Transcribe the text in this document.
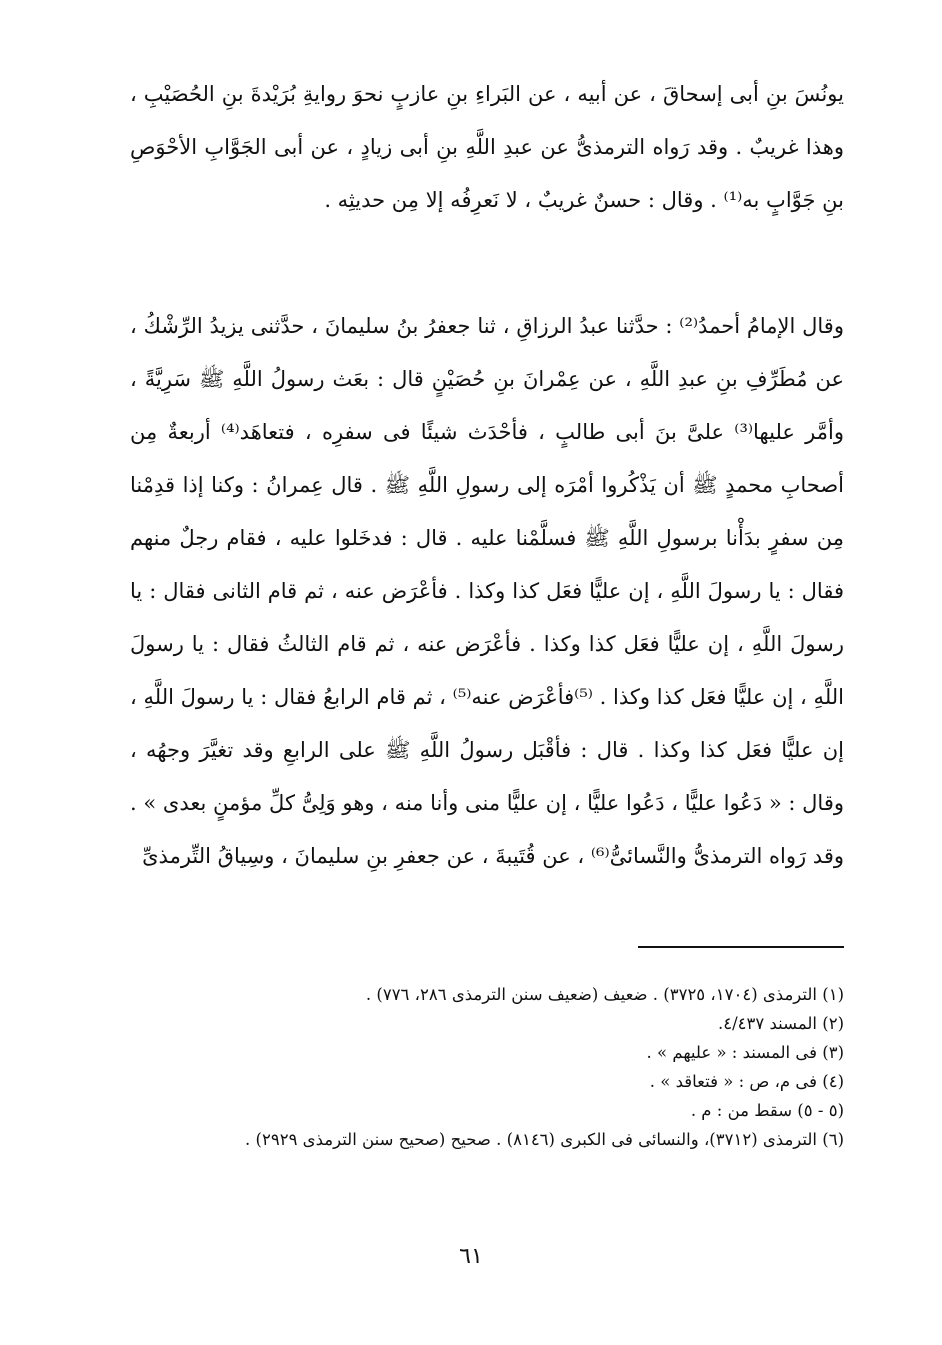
يونُسَ بنِ أبى إسحاقَ ، عن أبيه ، عن البَراءِ بنِ عازبٍ نحوَ روايةِ بُرَيْدةَ بنِ الحُصَيْبِ ، وهذا غريبٌ . وقد رَواه الترمذىُّ عن عبدِ اللَّهِ بنِ أبى زيادٍ ، عن أبى الجَوَّابِ الأحْوَصِ بنِ جَوَّابٍ به⁽¹⁾ . وقال : حسنٌ غريبٌ ، لا نَعرِفُه إلا مِن حديثِه .

وقال الإمامُ أحمدُ⁽²⁾ : حدَّثنا عبدُ الرزاقِ ، ثنا جعفرُ بنُ سليمانَ ، حدَّثنى يزيدُ الرِّشْكُ ، عن مُطَرِّفِ بنِ عبدِ اللَّهِ ، عن عِمْرانَ بنِ حُصَيْنٍ قال : بعَث رسولُ اللَّهِ ﷺ سَرِيَّةً ، وأمَّر عليها⁽³⁾ علىَّ بنَ أبى طالبٍ ، فأحْدَث شيئًا فى سفرِه ، فتعاهَد⁽⁴⁾ أربعةٌ مِن أصحابِ محمدٍ ﷺ أن يَذْكُروا أمْرَه إلى رسولِ اللَّهِ ﷺ . قال عِمرانُ : وكنا إذا قدِمْنا مِن سفرٍ بدَأْنا برسولِ اللَّهِ ﷺ فسلَّمْنا عليه . قال : فدخَلوا عليه ، فقام رجلٌ منهم فقال : يا رسولَ اللَّهِ ، إن عليًّا فعَل كذا وكذا . فأعْرَض عنه ، ثم قام الثانى فقال : يا رسولَ اللَّهِ ، إن عليًّا فعَل كذا وكذا . فأعْرَض عنه ، ثم قام الثالثُ فقال : يا رسولَ اللَّهِ ، إن عليًّا فعَل كذا وكذا . ⁽⁵⁾فأعْرَض عنه⁽⁵⁾ ، ثم قام الرابعُ فقال : يا رسولَ اللَّهِ ، إن عليًّا فعَل كذا وكذا . قال : فأقْبَل رسولُ اللَّهِ ﷺ على الرابعِ وقد تغيَّرَ وجهُه ، وقال : « دَعُوا عليًّا ، دَعُوا عليًّا ، إن عليًّا منى وأنا منه ، وهو وَلِىُّ كلِّ مؤمنٍ بعدى » . وقد رَواه الترمذىُّ والنَّسائىُّ⁽⁶⁾ ، عن قُتَيبةَ ، عن جعفرِ بنِ سليمانَ ، وسِياقُ التِّرمذىِّ

(١) الترمذى (١٧٠٤، ٣٧٢٥) . ضعيف (ضعيف سنن الترمذى ٢٨٦، ٧٧٦) .
(٢) المسند ٤/٤٣٧.
(٣) فى المسند : « عليهم » .
(٤) فى م، ص : « فتعاقد » .
(٥ - ٥) سقط من : م .
(٦) الترمذى (٣٧١٢)، والنسائى فى الكبرى (٨١٤٦) . صحيح (صحيح سنن الترمذى ٢٩٢٩) .
٦١
